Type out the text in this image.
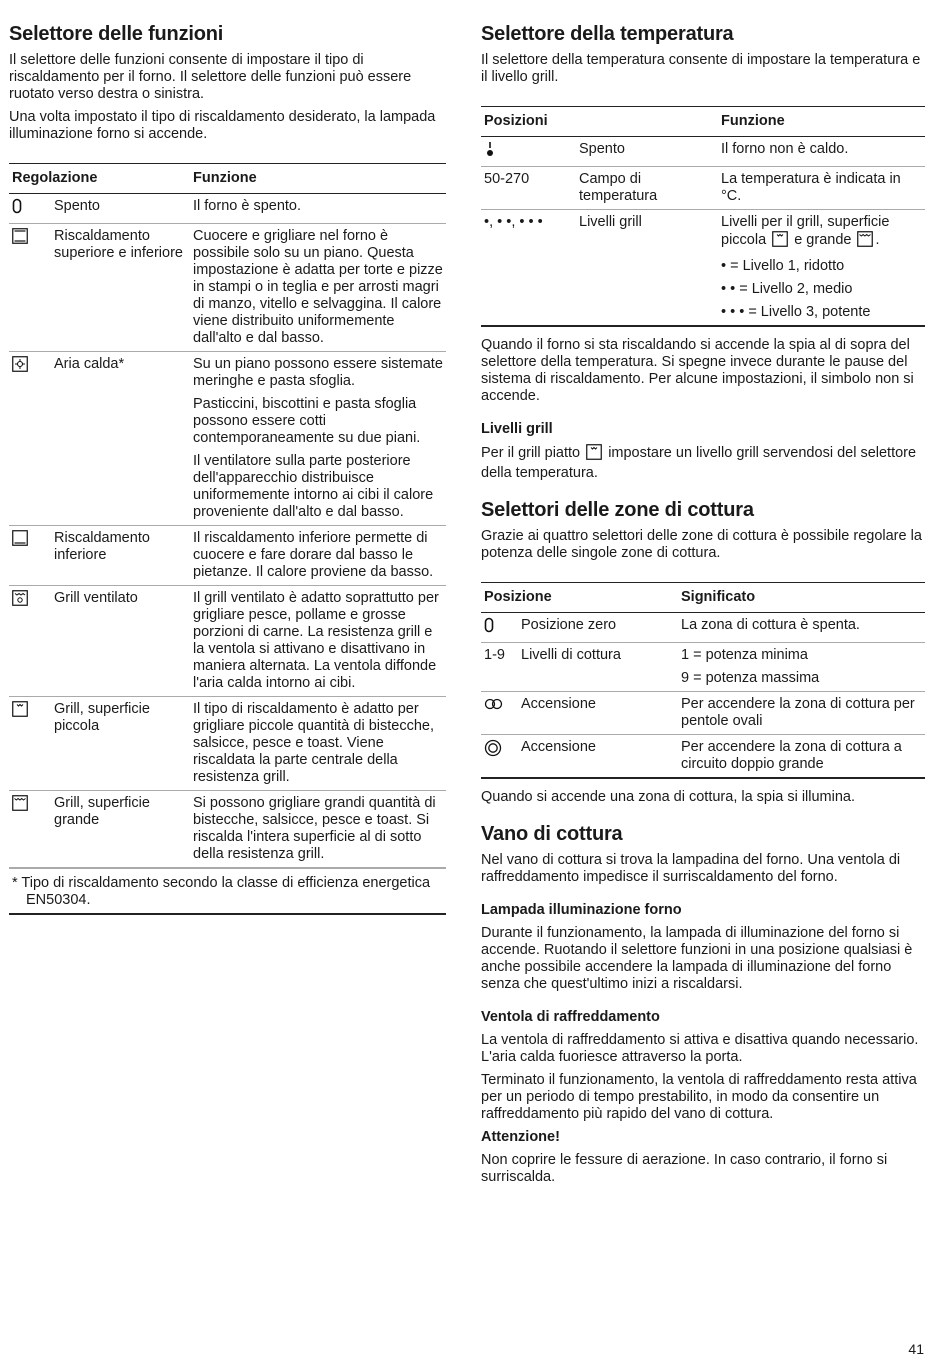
Selettore delle funzioni

Il selettore delle funzioni consente di impostare il tipo di riscaldamento per il forno. Il selettore delle funzioni può essere ruotato verso destra o sinistra.

Una volta impostato il tipo di riscaldamento desiderato, la lampada illuminazione forno si accende.

Regolazione		Funzione
	Spento	Il forno è spento.

	Riscaldamento superiore e inferiore	Cuocere e grigliare nel forno è possibile solo su un piano. Questa impostazione è adatta per torte e pizze in stampi o in teglia e per arrosti magri di manzo, vitello e selvaggina. Il calore viene distribuito uniformemente dall'alto e dal basso.

	Aria calda*	Su un piano possono essere sistemate meringhe e pasta sfoglia.

Pasticcini, biscottini e pasta sfoglia possono essere cotti contemporaneamente su due piani.

Il ventilatore sulla parte posteriore dell'apparecchio distribuisce uniformemente intorno ai cibi il calore proveniente dall'alto e dal basso.

	Riscaldamento inferiore	Il riscaldamento inferiore permette di cuocere e fare dorare dal basso le pietanze. Il calore proviene da basso.

	Grill ventilato	Il grill ventilato è adatto soprattutto per grigliare pesce, pollame e grosse porzioni di carne. La resistenza grill e la ventola si attivano e disattivano in maniera alternata. La ventola diffonde l'aria calda intorno ai cibi.

	Grill, superficie piccola	Il tipo di riscaldamento è adatto per grigliare piccole quantità di bistecche, salsicce, pesce e toast. Viene riscaldata la parte centrale della resistenza grill.

	Grill, superficie grande	Si possono grigliare grandi quantità di bistecche, salsicce, pesce e toast. Si riscalda l'intera superficie al di sotto della resistenza grill.

* Tipo di riscaldamento secondo la classe di efficienza energetica EN50304.
Selettore della temperatura

Il selettore della temperatura consente di impostare la temperatura e il livello grill.

Posizioni		Funzione
	Spento	Il forno non è caldo.

50-270	Campo di temperatura	La temperatura è indicata in °C.

•, • •, • • •	Livelli grill	Livelli per il grill, superficie piccola e grande .

• = Livello 1, ridotto

• • = Livello 2, medio

• • • = Livello 3, potente

Quando il forno si sta riscaldando si accende la spia al di sopra del selettore della temperatura. Si spegne invece durante le pause del sistema di riscaldamento. Per alcune impostazioni, il simbolo non si accende.

Livelli grill

Per il grill piatto impostare un livello grill servendosi del selettore della temperatura.

Selettori delle zone di cottura

Grazie ai quattro selettori delle zone di cottura è possibile regolare la potenza delle singole zone di cottura.

Posizione		Significato
	Posizione zero	La zona di cottura è spenta.

1-9	Livelli di cottura	1 = potenza minima

9 = potenza massima

	Accensione	Per accendere la zona di cottura per pentole ovali

	Accensione	Per accendere la zona di cottura a circuito doppio grande

Quando si accende una zona di cottura, la spia si illumina.

Vano di cottura

Nel vano di cottura si trova la lampadina del forno. Una ventola di raffreddamento impedisce il surriscaldamento del forno.

Lampada illuminazione forno

Durante il funzionamento, la lampada di illuminazione del forno si accende. Ruotando il selettore funzioni in una posizione qualsiasi è anche possibile accendere la lampada di illuminazione del forno senza che quest'ultimo inizi a riscaldarsi.

Ventola di raffreddamento

La ventola di raffreddamento si attiva e disattiva quando necessario. L'aria calda fuoriesce attraverso la porta.

Terminato il funzionamento, la ventola di raffreddamento resta attiva per un periodo di tempo prestabilito, in modo da consentire un raffreddamento più rapido del vano di cottura.

Attenzione!

Non coprire le fessure di aerazione. In caso contrario, il forno si surriscalda.

41
